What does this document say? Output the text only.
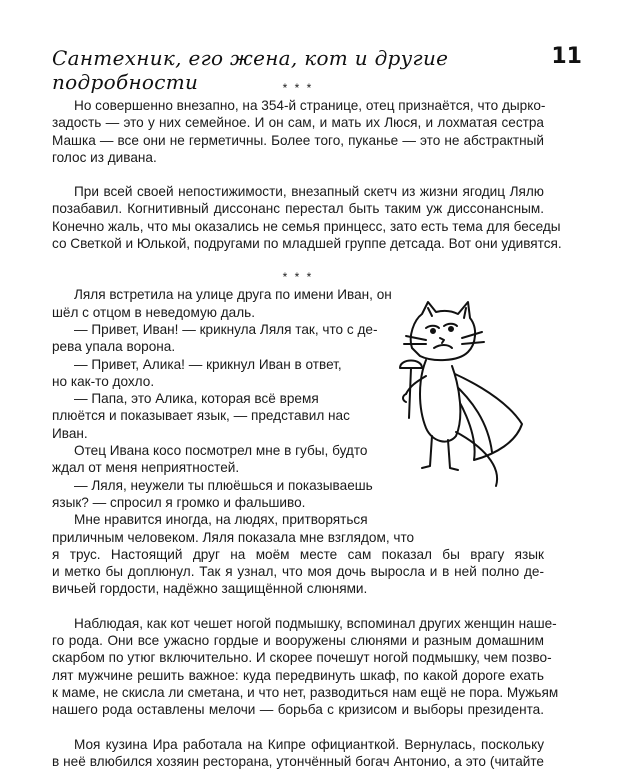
Сантехник, его жена, кот и другие подробности
11
* * *
Но совершенно внезапно, на 354-й странице, отец признаётся, что дырко-
задость — это у них семейное. И он сам, и мать их Люся, и лохматая сестра
Машка — все они не герметичны. Более того, пуканье — это не абстрактный
голос из дивана.
При всей своей непостижимости, внезапный скетч из жизни ягодиц Лялю
позабавил. Когнитивный диссонанс перестал быть таким уж диссонансным.
Конечно жаль, что мы оказались не семья принцесс, зато есть тема для беседы
со Светкой и Юлькой, подругами по младшей группе детсада. Вот они удивятся.
* * *
Ляля встретила на улице друга по имени Иван, он
шёл с отцом в неведомую даль.
— Привет, Иван! — крикнула Ляля так, что с де-
рева упала ворона.
— Привет, Алика! — крикнул Иван в ответ,
но как-то дохло.
— Папа, это Алика, которая всё время
плюётся и показывает язык, — представил нас
Иван.
Отец Ивана косо посмотрел мне в губы, будто
ждал от меня неприятностей.
— Ляля, неужели ты плюёшься и показываешь
язык? — спросил я громко и фальшиво.
Мне нравится иногда, на людях, притворяться
приличным человеком. Ляля показала мне взглядом, что
я трус. Настоящий друг на моём месте сам показал бы врагу язык
и метко бы доплюнул. Так я узнал, что моя дочь выросла и в ней полно де-
вичьей гордости, надёжно защищённой слюнями.
Наблюдая, как кот чешет ногой подмышку, вспоминал других женщин наше-
го рода. Они все ужасно гордые и вооружены слюнями и разным домашним
скарбом по утюг включительно. И скорее почешут ногой подмышку, чем позво-
лят мужчине решить важное: куда передвинуть шкаф, по какой дороге ехать
к маме, не скисла ли сметана, и что нет, разводиться нам ещё не пора. Мужьям
нашего рода оставлены мелочи — борьба с кризисом и выборы президента.
Моя кузина Ира работала на Кипре официанткой. Вернулась, поскольку
в неё влюбился хозяин ресторана, утончённый богач Антонио, а это (читайте
